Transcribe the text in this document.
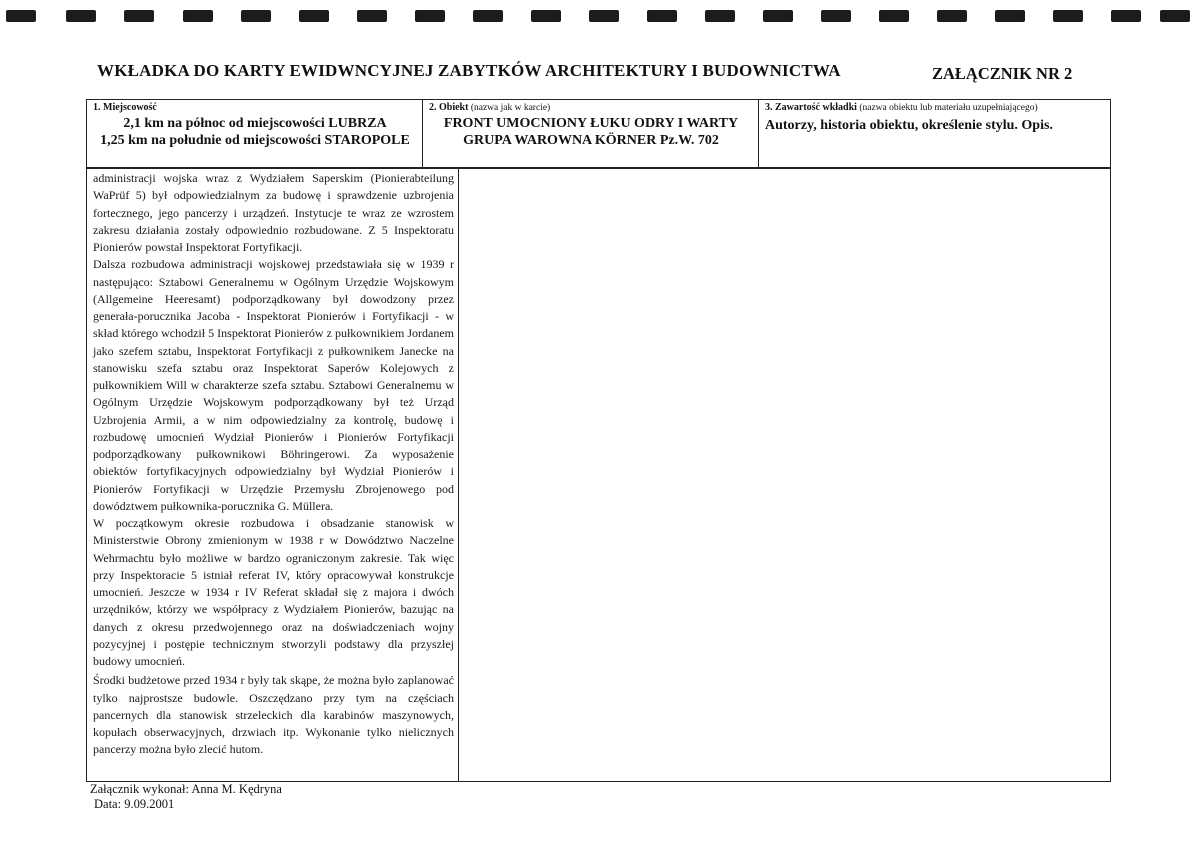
WKŁADKA DO KARTY EWIDWNCYJNEJ ZABYTKÓW ARCHITEKTURY I BUDOWNICTWA	ZAŁĄCZNIK NR 2
1. Miejscowość
2,1 km na północ od miejscowości LUBRZA
1,25 km na południe od miejscowości STAROPOLE
2. Obiekt (nazwa jak w karcie)
FRONT UMOCNIONY ŁUKU ODRY I WARTY
GRUPA WAROWNA KÖRNER Pz.W. 702
3. Zawartość wkładki (nazwa obiektu lub materiału uzupełniającego)
Autorzy, historia obiektu, określenie stylu. Opis.

administracji wojska wraz z Wydziałem Saperskim (Pionierabteilung WaPrüf 5) był odpowiedzialnym za budowę i sprawdzenie uzbrojenia fortecznego, jego pancerzy i urządzeń. Instytucje te wraz ze wzrostem zakresu działania zostały odpowiednio rozbudowane. Z 5 Inspektoratu Pionierów powstał Inspektorat Fortyfikacji.

Dalsza rozbudowa administracji wojskowej przedstawiała się w 1939 r następująco: Sztabowi Generalnemu w Ogólnym Urzędzie Wojskowym (Allgemeine Heeresamt) podporządkowany był dowodzony przez generała-porucznika Jacoba - Inspektorat Pionierów i Fortyfikacji - w skład którego wchodził 5 Inspektorat Pionierów z pułkownikiem Jordanem jako szefem sztabu, Inspektorat Fortyfikacji z pułkownikem Janecke na stanowisku szefa sztabu oraz Inspektorat Saperów Kolejowych z pułkownikiem Will w charakterze szefa sztabu. Sztabowi Generalnemu w Ogólnym Urzędzie Wojskowym podporządkowany był też Urząd Uzbrojenia Armii, a w nim odpowiedzialny za kontrolę, budowę i rozbudowę umocnień Wydział Pionierów i Pionierów Fortyfikacji podporządkowany pułkownikowi Böhringerowi. Za wyposażenie obiektów fortyfikacyjnych odpowiedzialny był Wydział Pionierów i Pionierów Fortyfikacji w Urzędzie Przemysłu Zbrojenowego pod dowództwem pułkownika-porucznika G. Müllera.

W początkowym okresie rozbudowa i obsadzanie stanowisk w Ministerstwie Obrony zmienionym w 1938 r w Dowództwo Naczelne Wehrmachtu było możliwe w bardzo ograniczonym zakresie. Tak więc przy Inspektoracie 5 istniał referat IV, który opracowywał konstrukcje umocnień. Jeszcze w 1934 r IV Referat składał się z majora i dwóch urzędników, którzy we współpracy z Wydziałem Pionierów, bazując na danych z okresu przedwojennego oraz na doświadczeniach wojny pozycyjnej i postępie technicznym stworzyli podstawy dla przyszłej budowy umocnień.

Środki budżetowe przed 1934 r były tak skąpe, że można było zaplanować tylko najprostsze budowle. Oszczędzano przy tym na częściach pancernych dla stanowisk strzeleckich dla karabinów maszynowych, kopułach obserwacyjnych, drzwiach itp. Wykonanie tylko nielicznych pancerzy można było zlecić hutom.

Załącznik wykonał: Anna M. Kędryna
Data: 9.09.2001
